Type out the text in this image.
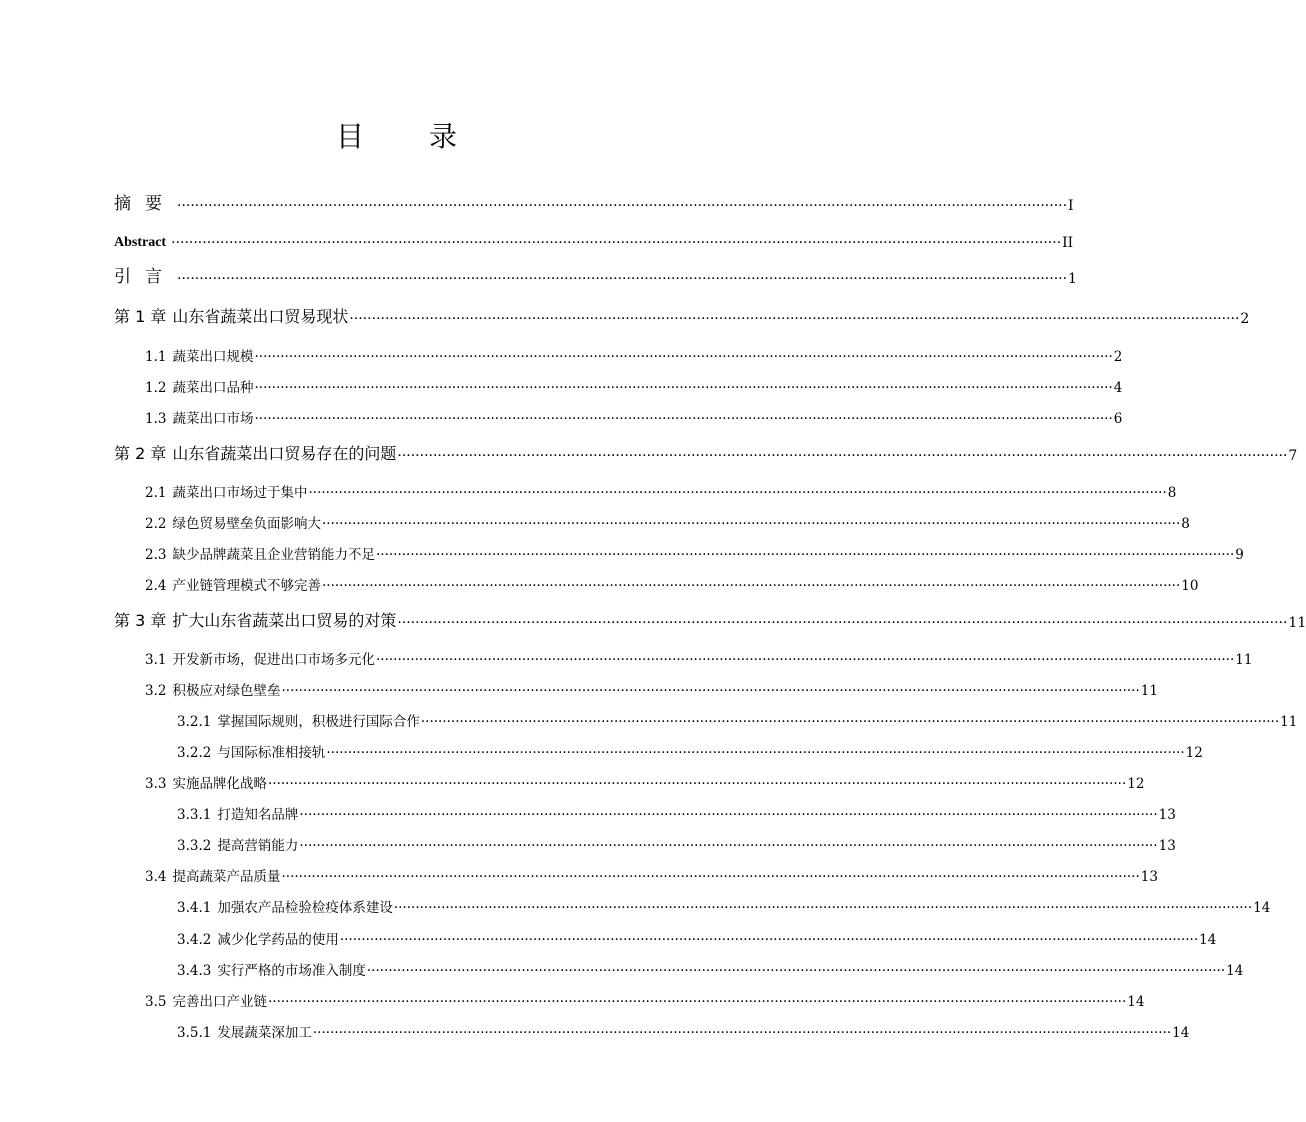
目 录
摘要 ········································································································································································································ I
Abstract ········································································································································································································ II
引言 ········································································································································································································ 1
第 1 章 山东省蔬菜出口贸易现状 ········································································································································································································ 2
1.1 蔬菜出口规模 ········································································································································································································ 2
1.2 蔬菜出口品种 ········································································································································································································ 4
1.3 蔬菜出口市场 ········································································································································································································ 6
第 2 章 山东省蔬菜出口贸易存在的问题 ········································································································································································································ 7
2.1 蔬菜出口市场过于集中 ········································································································································································································ 8
2.2 绿色贸易壁垒负面影响大 ········································································································································································································ 8
2.3 缺少品牌蔬菜且企业营销能力不足 ········································································································································································································ 9
2.4 产业链管理模式不够完善 ········································································································································································································ 10
第 3 章 扩大山东省蔬菜出口贸易的对策 ········································································································································································································ 11
3.1 开发新市场，促进出口市场多元化 ········································································································································································································ 11
3.2 积极应对绿色壁垒 ········································································································································································································ 11
3.2.1 掌握国际规则，积极进行国际合作 ········································································································································································································ 11
3.2.2 与国际标准相接轨 ········································································································································································································ 12
3.3 实施品牌化战略 ········································································································································································································ 12
3.3.1 打造知名品牌 ········································································································································································································ 13
3.3.2 提高营销能力 ········································································································································································································ 13
3.4 提高蔬菜产品质量 ········································································································································································································ 13
3.4.1 加强农产品检验检疫体系建设 ········································································································································································································ 14
3.4.2 减少化学药品的使用 ········································································································································································································ 14
3.4.3 实行严格的市场准入制度 ········································································································································································································ 14
3.5 完善出口产业链 ········································································································································································································ 14
3.5.1 发展蔬菜深加工 ········································································································································································································ 14
